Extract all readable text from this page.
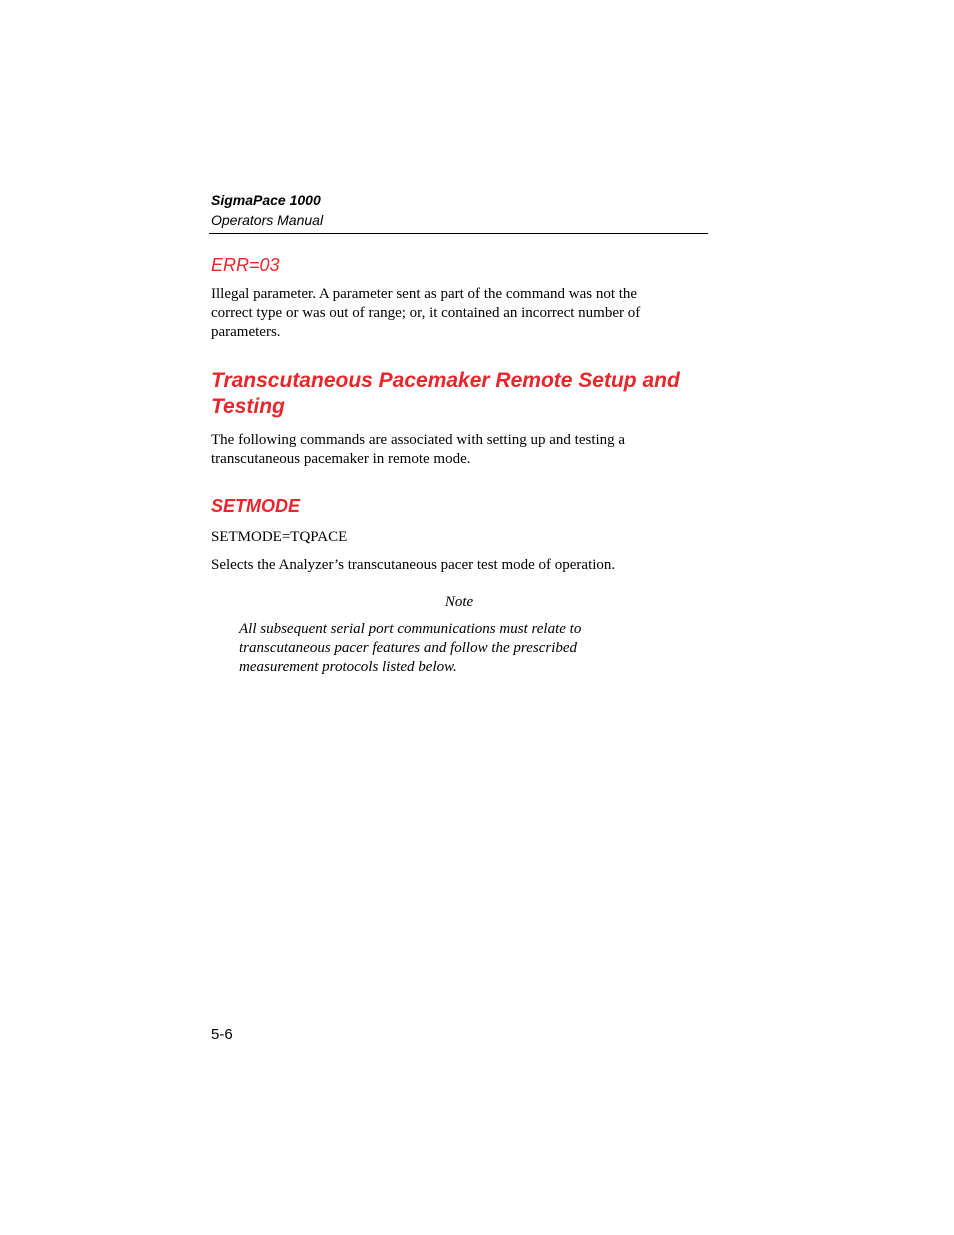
SigmaPace 1000
Operators Manual
ERR=03
Illegal parameter. A parameter sent as part of the command was not the correct type or was out of range; or, it contained an incorrect number of parameters.
Transcutaneous Pacemaker Remote Setup and Testing
The following commands are associated with setting up and testing a transcutaneous pacemaker in remote mode.
SETMODE
SETMODE=TQPACE
Selects the Analyzer’s transcutaneous pacer test mode of operation.
Note
All subsequent serial port communications must relate to transcutaneous pacer features and follow the prescribed measurement protocols listed below.
5-6
